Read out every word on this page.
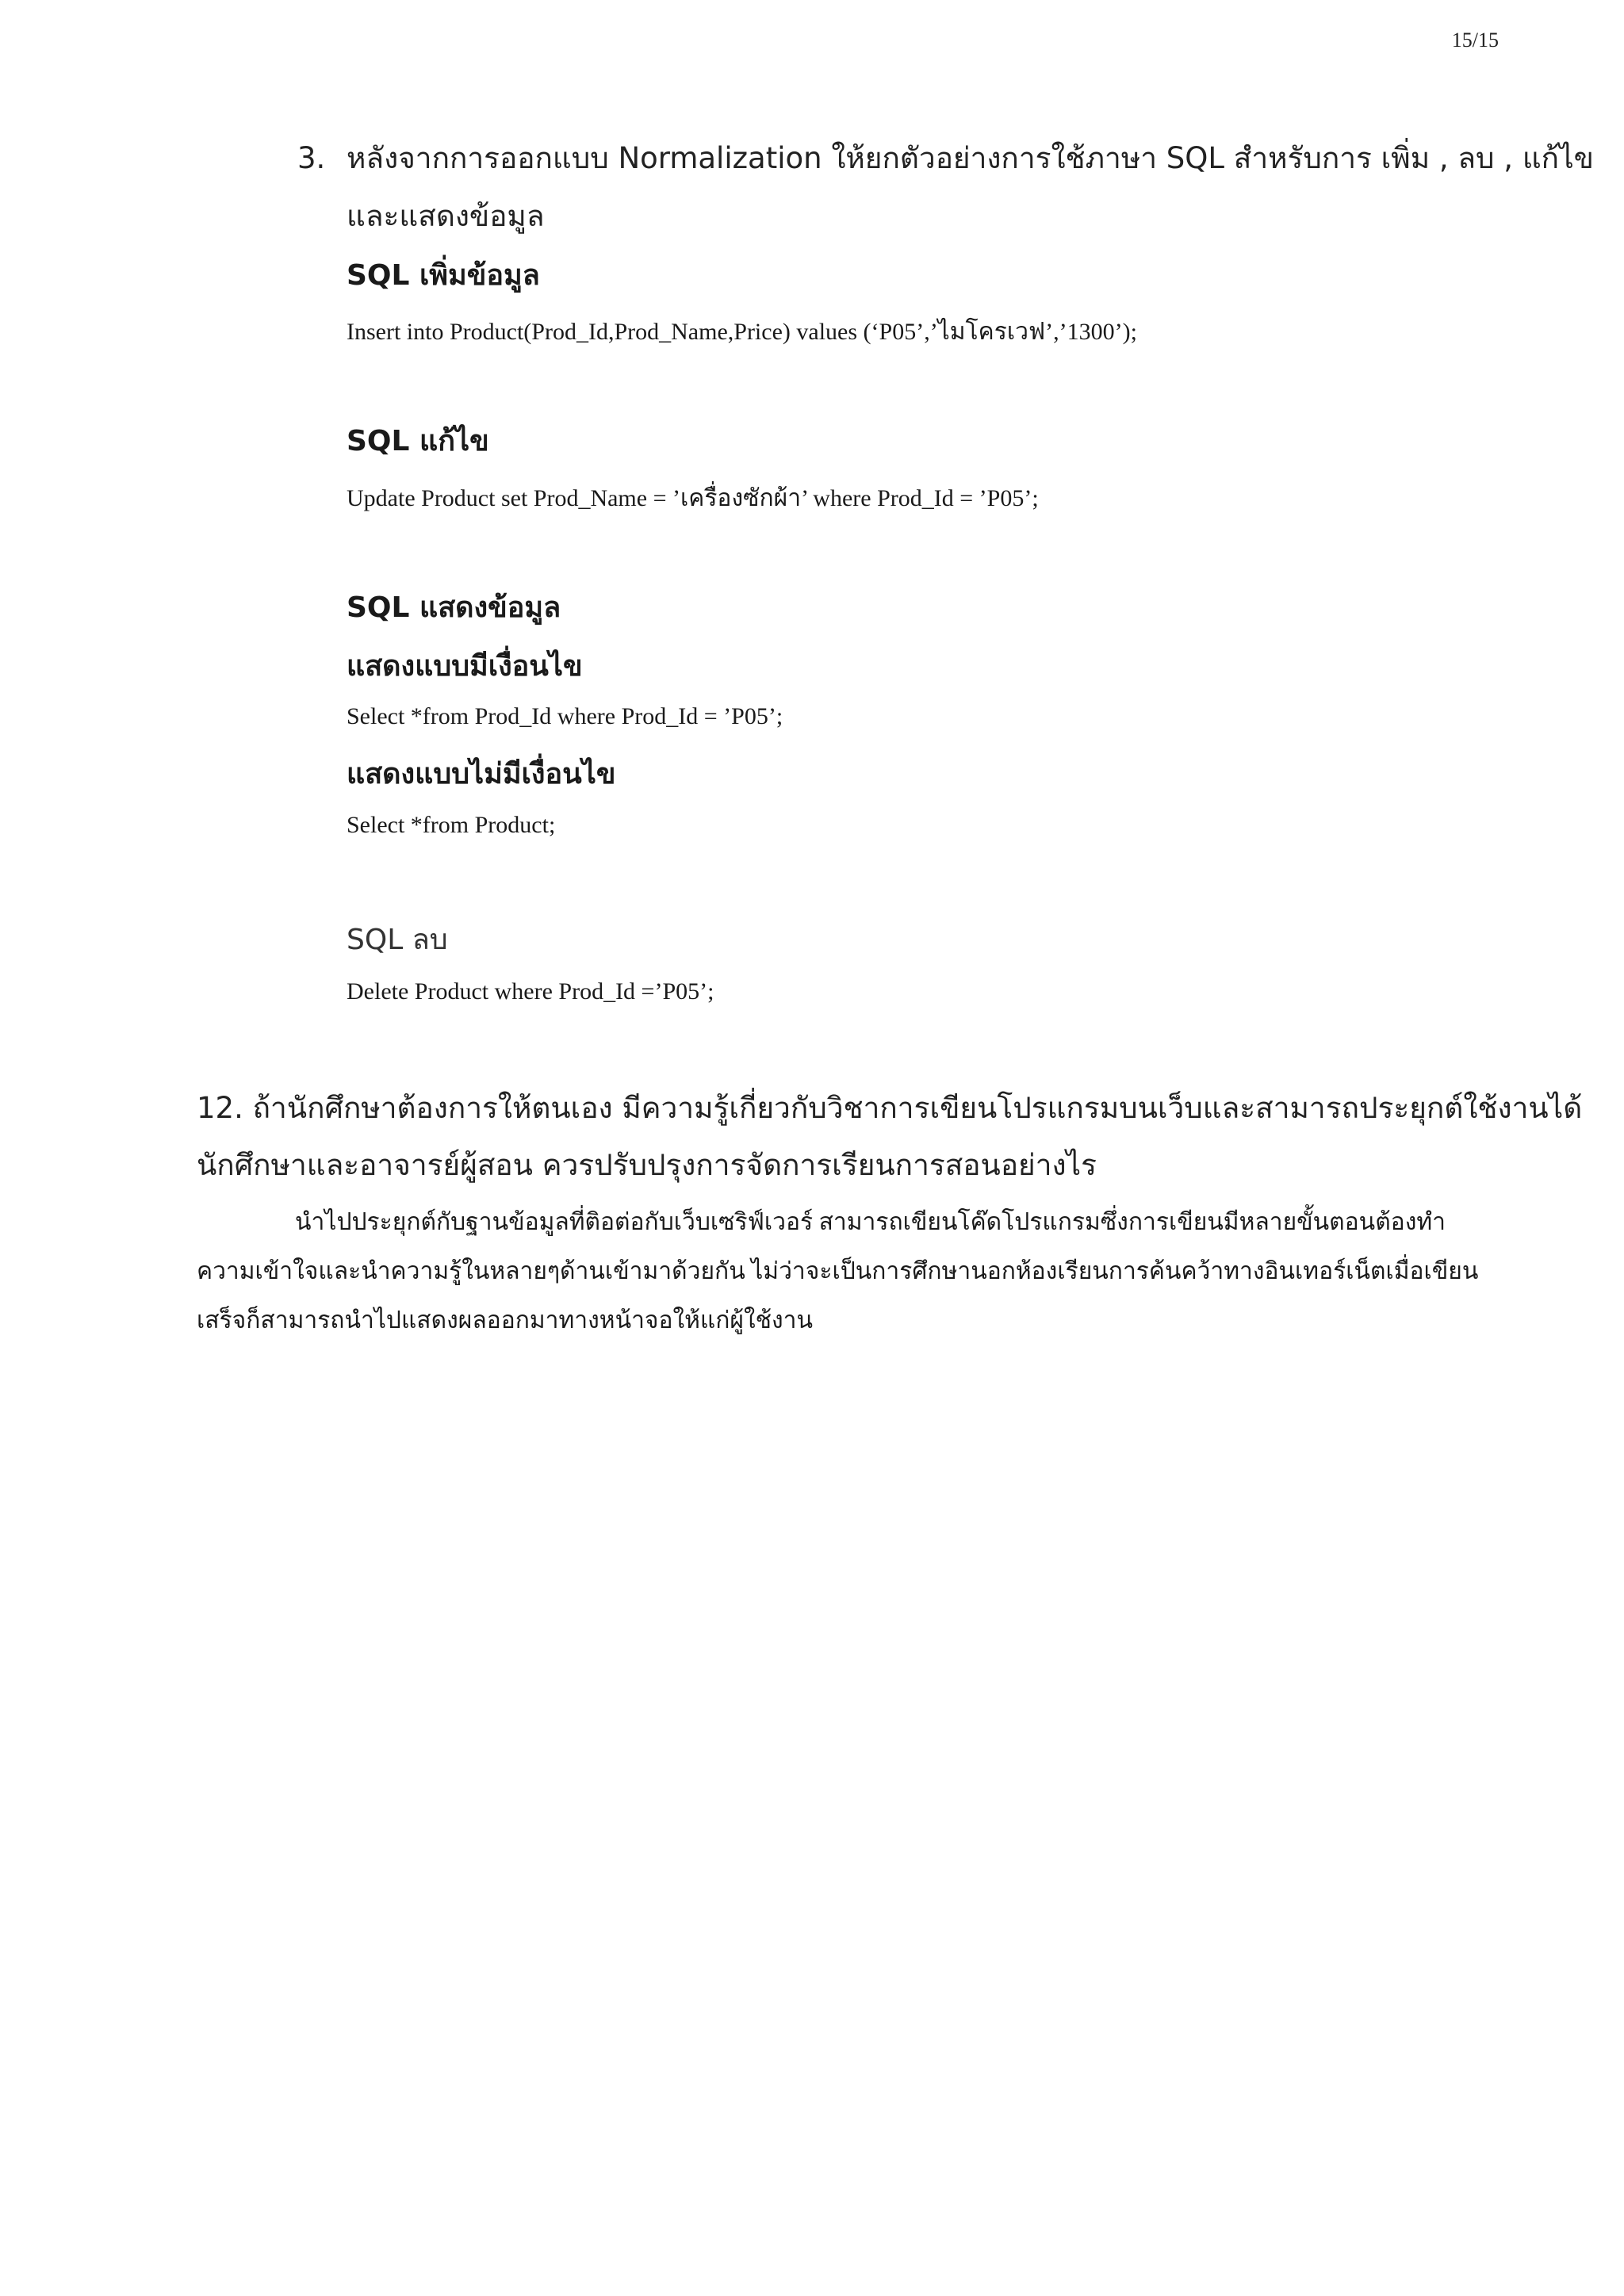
15/15
3. หลังจากการออกแบบ Normalization ให้ยกตัวอย่างการใช้ภาษา SQL สำหรับการ เพิ่ม , ลบ , แก้ไข
และแสดงข้อมูล
SQL เพิ่มข้อมูล
Insert into Product(Prod_Id,Prod_Name,Price) values (‘P05’,’ไมโครเวฟ’,’1300’);
SQL แก้ไข
Update Product set Prod_Name = ’เครื่องซักผ้า’ where Prod_Id = ’P05’;
SQL แสดงข้อมูล
แสดงแบบมีเงื่อนไข
Select *from Prod_Id where Prod_Id = ’P05’;
แสดงแบบไม่มีเงื่อนไข
Select *from Product;
SQL ลบ
Delete Product where Prod_Id =’P05’;
12. ถ้านักศึกษาต้องการให้ตนเอง มีความรู้เกี่ยวกับวิชาการเขียนโปรแกรมบนเว็บและสามารถประยุกต์ใช้งานได้
นักศึกษาและอาจารย์ผู้สอน ควรปรับปรุงการจัดการเรียนการสอนอย่างไร
นำไปประยุกต์กับฐานข้อมูลที่ติอต่อกับเว็บเซริฟ์เวอร์ สามารถเขียนโค๊ดโปรแกรมซึ่งการเขียนมีหลายขั้นตอนต้องทำ
ความเข้าใจและนำความรู้ในหลายๆด้านเข้ามาด้วยกัน ไม่ว่าจะเป็นการศึกษานอกห้องเรียนการค้นคว้าทางอินเทอร์เน็ตเมื่อเขียน
เสร็จก็สามารถนำไปแสดงผลออกมาทางหน้าจอให้แก่ผู้ใช้งาน
